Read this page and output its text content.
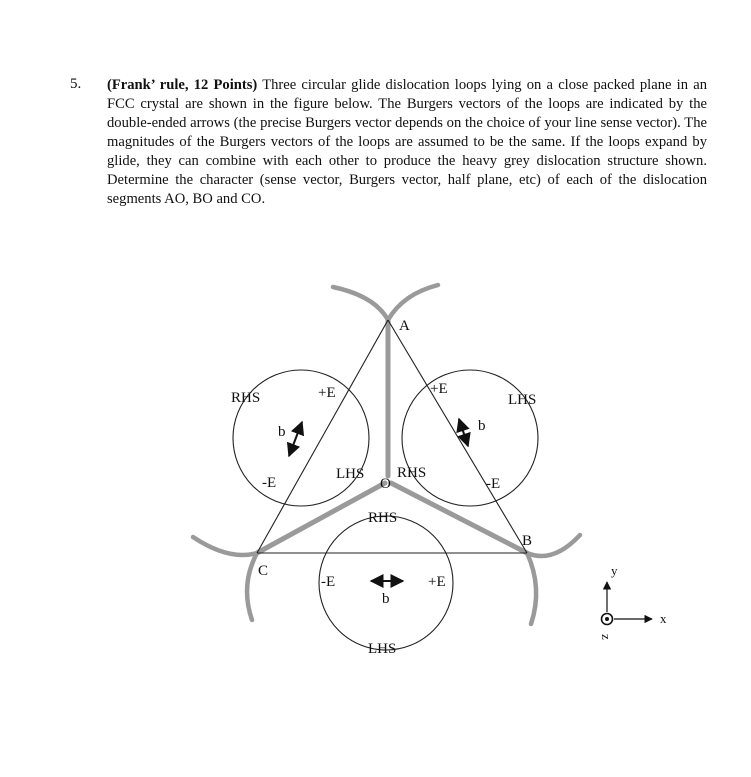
5. (Frank’ rule, 12 Points) Three circular glide dislocation loops lying on a close packed plane in an FCC crystal are shown in the figure below. The Burgers vectors of the loops are indicated by the double-ended arrows (the precise Burgers vector depends on the choice of your line sense vector). The magnitudes of the Burgers vectors of the loops are assumed to be the same. If the loops expand by glide, they can combine with each other to produce the heavy grey dislocation structure shown. Determine the character (sense vector, Burgers vector, half plane, etc) of each of the dislocation segments AO, BO and CO.
A
O
B
C
RHS	+E
b
-E
LHS
+E
LHS
b
RHS
-E
RHS
-E	+E
b
LHS
y
x
z
